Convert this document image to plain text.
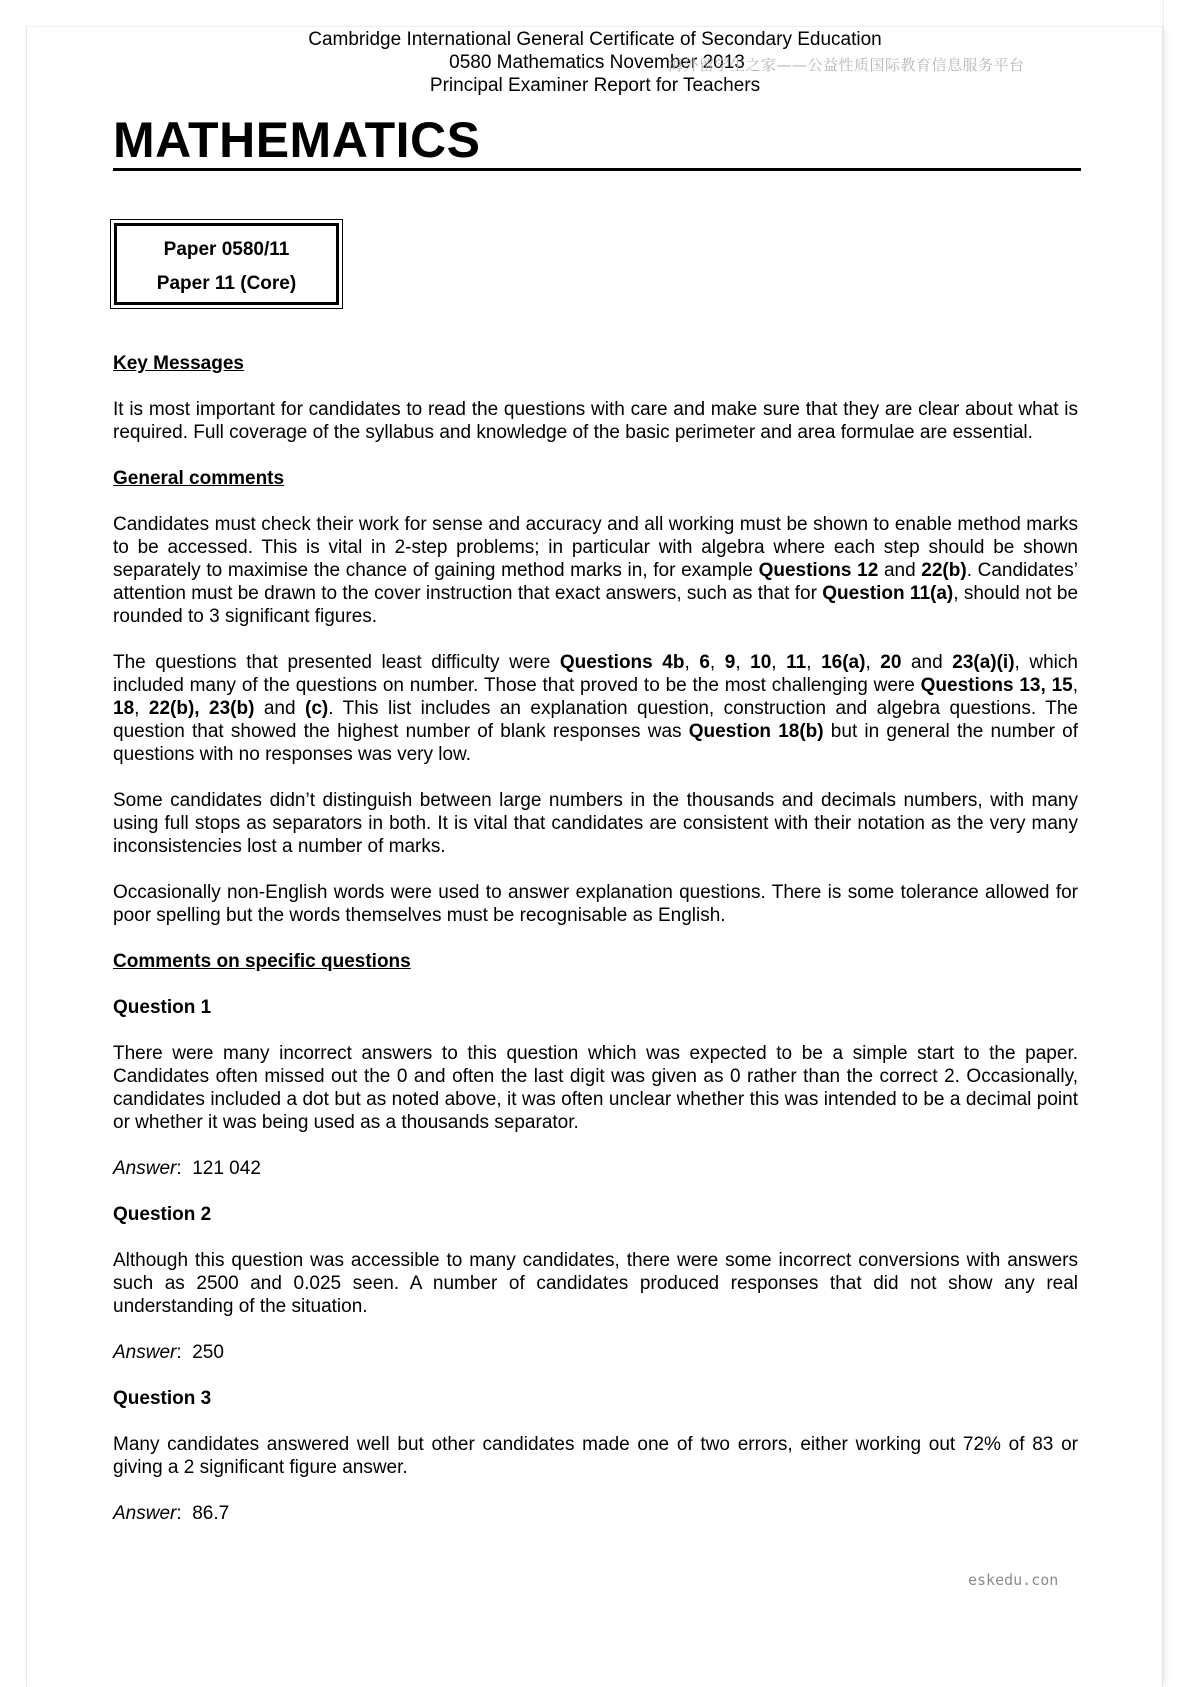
Cambridge International General Certificate of Secondary Education
0580 Mathematics November 2013
Principal Examiner Report for Teachers
海外留学生之家——公益性质国际教育信息服务平台
MATHEMATICS
Paper 0580/11
Paper 11 (Core)
Key Messages

It is most important for candidates to read the questions with care and make sure that they are clear about what is required. Full coverage of the syllabus and knowledge of the basic perimeter and area formulae are essential.

General comments

Candidates must check their work for sense and accuracy and all working must be shown to enable method marks to be accessed. This is vital in 2-step problems; in particular with algebra where each step should be shown separately to maximise the chance of gaining method marks in, for example Questions 12 and 22(b). Candidates’ attention must be drawn to the cover instruction that exact answers, such as that for Question 11(a), should not be rounded to 3 significant figures.

The questions that presented least difficulty were Questions 4b, 6, 9, 10, 11, 16(a), 20 and 23(a)(i), which included many of the questions on number. Those that proved to be the most challenging were Questions 13, 15, 18, 22(b), 23(b) and (c). This list includes an explanation question, construction and algebra questions. The question that showed the highest number of blank responses was Question 18(b) but in general the number of questions with no responses was very low.

Some candidates didn’t distinguish between large numbers in the thousands and decimals numbers, with many using full stops as separators in both. It is vital that candidates are consistent with their notation as the very many inconsistencies lost a number of marks.

Occasionally non-English words were used to answer explanation questions. There is some tolerance allowed for poor spelling but the words themselves must be recognisable as English.

Comments on specific questions
Question 1

There were many incorrect answers to this question which was expected to be a simple start to the paper. Candidates often missed out the 0 and often the last digit was given as 0 rather than the correct 2. Occasionally, candidates included a dot but as noted above, it was often unclear whether this was intended to be a decimal point or whether it was being used as a thousands separator.

Answer:  121 042
Question 2

Although this question was accessible to many candidates, there were some incorrect conversions with answers such as 2500 and 0.025 seen. A number of candidates produced responses that did not show any real understanding of the situation.

Answer:  250
Question 3

Many candidates answered well but other candidates made one of two errors, either working out 72% of 83 or giving a 2 significant figure answer.

Answer:  86.7
eskedu.con
